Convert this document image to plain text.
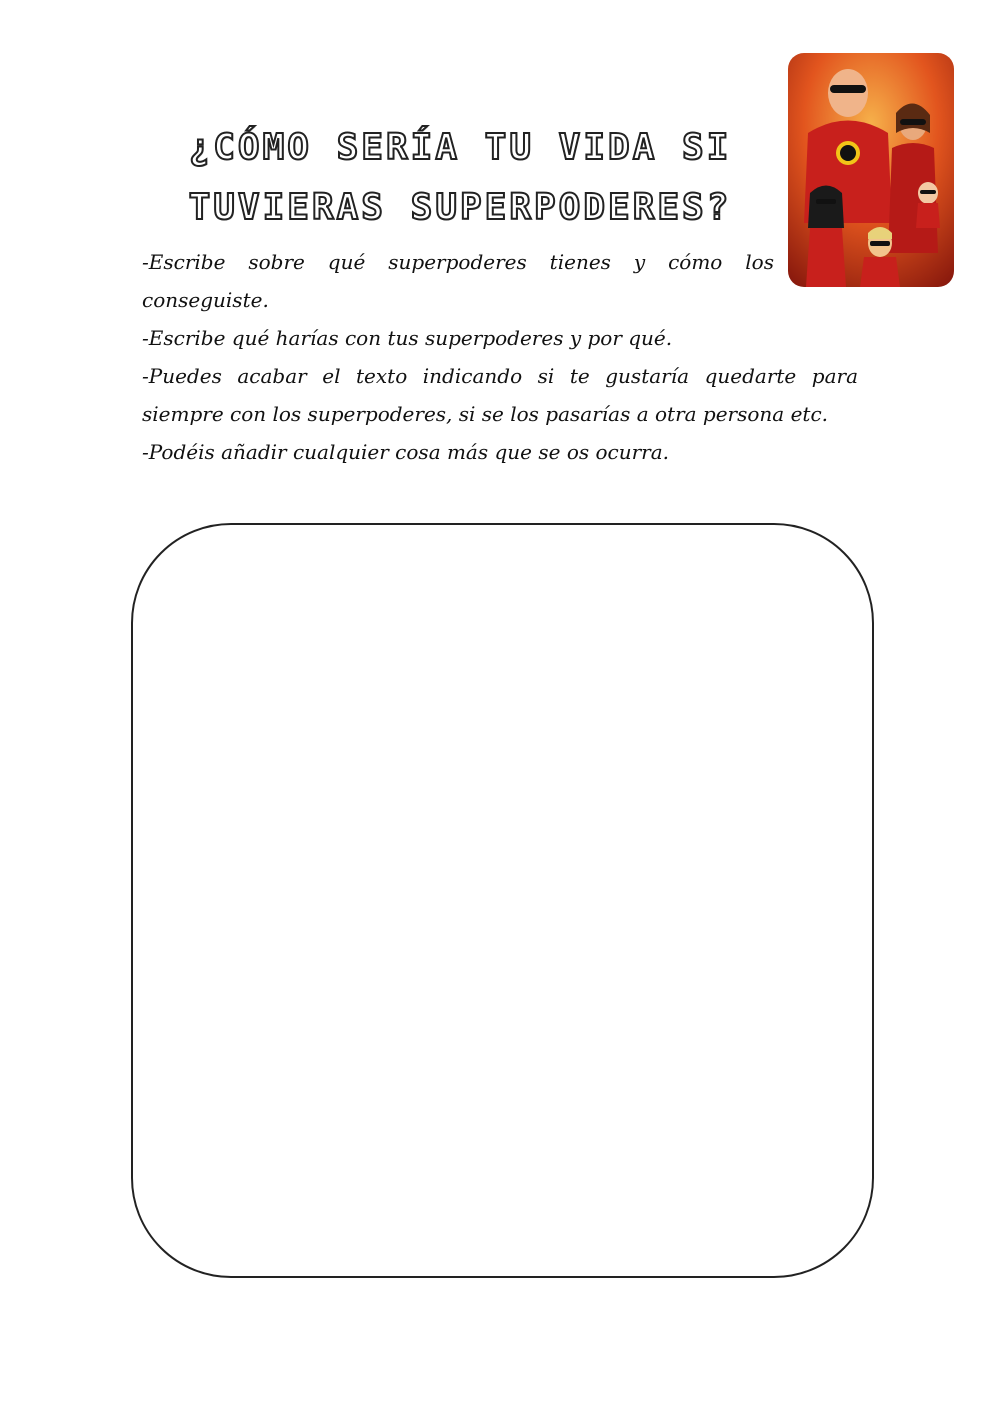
¿CÓMO SERÍA TU VIDA SI
TUVIERAS SUPERPODERES?
-Escribe sobre qué superpoderes tienes y cómo los conseguiste.
-Escribe qué harías con tus superpoderes y por qué.
-Puedes acabar el texto indicando si te gustaría quedarte para siempre con los superpoderes, si se los pasarías a otra persona etc.
-Podéis añadir cualquier cosa más que se os ocurra.
